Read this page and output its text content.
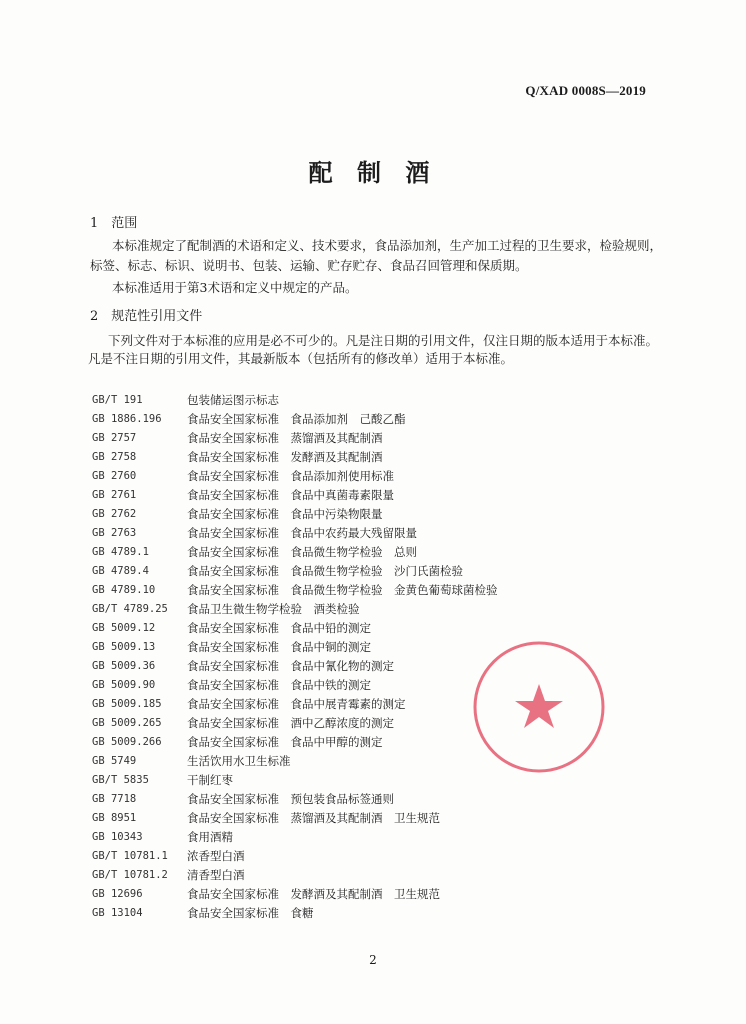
Q/XAD 0008S—2019
配 制 酒
1　范围
本标准规定了配制酒的术语和定义、技术要求，食品添加剂，生产加工过程的卫生要求，检验规则，
标签、标志、标识、说明书、包装、运输、贮存贮存、食品召回管理和保质期。
本标准适用于第3术语和定义中规定的产品。
2　规范性引用文件
下列文件对于本标准的应用是必不可少的。凡是注日期的引用文件，仅注日期的版本适用于本标准。
凡是不注日期的引用文件，其最新版本（包括所有的修改单）适用于本标准。
GB/T 191	包装储运图示标志
GB 1886.196	食品安全国家标准　食品添加剂　己酸乙酯
GB 2757	食品安全国家标准　蒸馏酒及其配制酒
GB 2758	食品安全国家标准　发酵酒及其配制酒
GB 2760	食品安全国家标准　食品添加剂使用标准
GB 2761	食品安全国家标准　食品中真菌毒素限量
GB 2762	食品安全国家标准　食品中污染物限量
GB 2763	食品安全国家标准　食品中农药最大残留限量
GB 4789.1	食品安全国家标准　食品微生物学检验　总则
GB 4789.4	食品安全国家标准　食品微生物学检验　沙门氏菌检验
GB 4789.10	食品安全国家标准　食品微生物学检验　金黄色葡萄球菌检验
GB/T 4789.25	食品卫生微生物学检验　酒类检验
GB 5009.12	食品安全国家标准　食品中铅的测定
GB 5009.13	食品安全国家标准　食品中铜的测定
GB 5009.36	食品安全国家标准　食品中氰化物的测定
GB 5009.90	食品安全国家标准　食品中铁的测定
GB 5009.185	食品安全国家标准　食品中展青霉素的测定
GB 5009.265	食品安全国家标准　酒中乙醇浓度的测定
GB 5009.266	食品安全国家标准　食品中甲醇的测定
GB 5749	生活饮用水卫生标准
GB/T 5835	干制红枣
GB 7718	食品安全国家标准　预包装食品标签通则
GB 8951	食品安全国家标准　蒸馏酒及其配制酒　卫生规范
GB 10343	食用酒精
GB/T 10781.1	浓香型白酒
GB/T 10781.2	清香型白酒
GB 12696	食品安全国家标准　发酵酒及其配制酒　卫生规范
GB 13104	食品安全国家标准　食糖
2
